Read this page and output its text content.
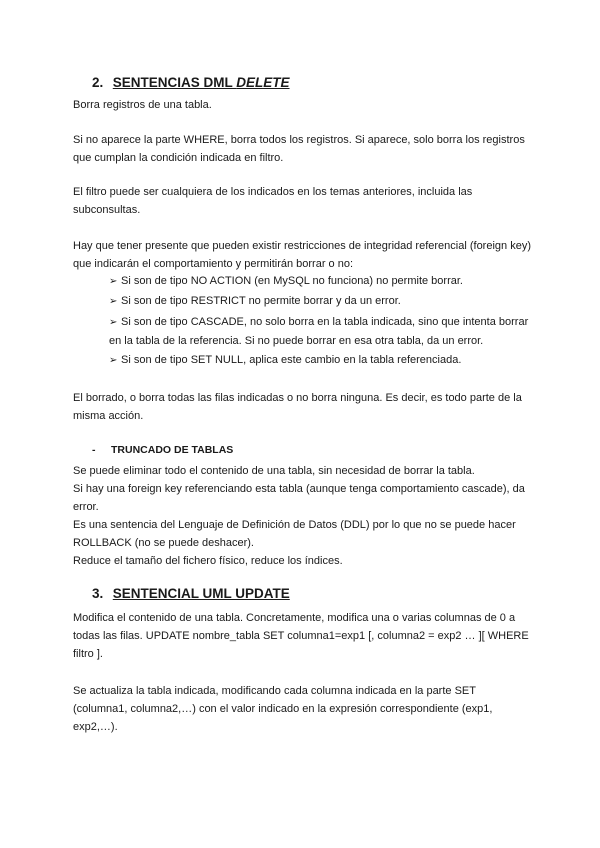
2. SENTENCIAS DML DELETE

Borra registros de una tabla.

Si no aparece la parte WHERE, borra todos los registros. Si aparece, solo borra los registros que cumplan la condición indicada en filtro.

El filtro puede ser cualquiera de los indicados en los temas anteriores, incluida las subconsultas.

Hay que tener presente que pueden existir restricciones de integridad referencial (foreign key) que indicarán el comportamiento y permitirán borrar o no:

➢ Si son de tipo NO ACTION (en MySQL no funciona) no permite borrar.

➢ Si son de tipo RESTRICT no permite borrar y da un error.

➢ Si son de tipo CASCADE, no solo borra en la tabla indicada, sino que intenta borrar en la tabla de la referencia. Si no puede borrar en esa otra tabla, da un error.

➢ Si son de tipo SET NULL, aplica este cambio en la tabla referenciada.

El borrado, o borra todas las filas indicadas o no borra ninguna. Es decir, es todo parte de la misma acción.

- TRUNCADO DE TABLAS
Se puede eliminar todo el contenido de una tabla, sin necesidad de borrar la tabla.
Si hay una foreign key referenciando esta tabla (aunque tenga comportamiento cascade), da error.
Es una sentencia del Lenguaje de Definición de Datos (DDL) por lo que no se puede hacer ROLLBACK (no se puede deshacer).
Reduce el tamaño del fichero físico, reduce los índices.
3. SENTENCIAL UML UPDATE

Modifica el contenido de una tabla. Concretamente, modifica una o varias columnas de 0 a todas las filas. UPDATE nombre_tabla SET columna1=exp1 [, columna2 = exp2 … ][ WHERE filtro ].

Se actualiza la tabla indicada, modificando cada columna indicada en la parte SET (columna1, columna2,…) con el valor indicado en la expresión correspondiente (exp1, exp2,…).
